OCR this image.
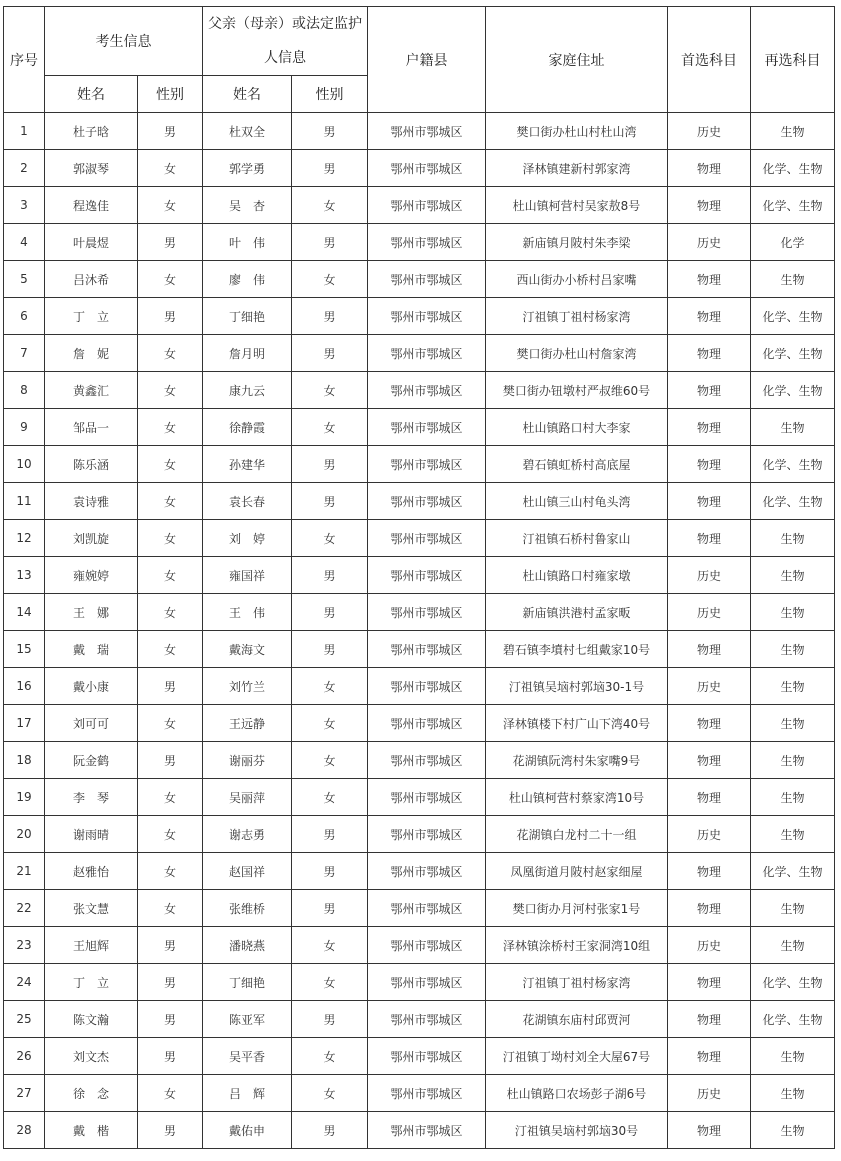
序号	考生信息		父亲（母亲）或法定监护人信息		户籍县	家庭住址	首选科目	再选科目

	姓名	性别	姓名	性别				
1	杜子晗	男	杜双全	男	鄂州市鄂城区	樊口街办杜山村杜山湾	历史	生物
2	郭淑琴	女	郭学勇	男	鄂州市鄂城区	泽林镇建新村郭家湾	物理	化学、生物
3	程逸佳	女	吴　杏	女	鄂州市鄂城区	杜山镇柯营村吴家敖8号	物理	化学、生物
4	叶晨煜	男	叶　伟	男	鄂州市鄂城区	新庙镇月陂村朱李梁	历史	化学
5	吕沐希	女	廖　伟	女	鄂州市鄂城区	西山街办小桥村吕家嘴	物理	生物
6	丁　立	男	丁细艳	男	鄂州市鄂城区	汀祖镇丁祖村杨家湾	物理	化学、生物
7	詹　妮	女	詹月明	男	鄂州市鄂城区	樊口街办杜山村詹家湾	物理	化学、生物
8	黄鑫汇	女	康九云	女	鄂州市鄂城区	樊口街办钮墩村严叔维60号	物理	化学、生物
9	邹品一	女	徐静霞	女	鄂州市鄂城区	杜山镇路口村大李家	物理	生物
10	陈乐涵	女	孙建华	男	鄂州市鄂城区	碧石镇虹桥村高底屋	物理	化学、生物
11	袁诗雅	女	袁长春	男	鄂州市鄂城区	杜山镇三山村龟头湾	物理	化学、生物
12	刘凯旋	女	刘　婷	女	鄂州市鄂城区	汀祖镇石桥村鲁家山	物理	生物
13	雍婉婷	女	雍国祥	男	鄂州市鄂城区	杜山镇路口村雍家墩	历史	生物
14	王　娜	女	王　伟	男	鄂州市鄂城区	新庙镇洪港村孟家畈	历史	生物
15	戴　瑞	女	戴海文	男	鄂州市鄂城区	碧石镇李墳村七组戴家10号	物理	生物
16	戴小康	男	刘竹兰	女	鄂州市鄂城区	汀祖镇吴垴村郭垴30-1号	历史	生物
17	刘可可	女	王远静	女	鄂州市鄂城区	泽林镇楼下村广山下湾40号	物理	生物
18	阮金鹤	男	谢丽芬	女	鄂州市鄂城区	花湖镇阮湾村朱家嘴9号	物理	生物
19	李　琴	女	吴丽萍	女	鄂州市鄂城区	杜山镇柯营村蔡家湾10号	物理	生物
20	谢雨晴	女	谢志勇	男	鄂州市鄂城区	花湖镇白龙村二十一组	历史	生物
21	赵雅怡	女	赵国祥	男	鄂州市鄂城区	凤凰街道月陂村赵家细屋	物理	化学、生物
22	张文慧	女	张维桥	男	鄂州市鄂城区	樊口街办月河村张家1号	物理	生物
23	王旭辉	男	潘晓燕	女	鄂州市鄂城区	泽林镇涂桥村王家洞湾10组	历史	生物
24	丁　立	男	丁细艳	女	鄂州市鄂城区	汀祖镇丁祖村杨家湾	物理	化学、生物
25	陈文瀚	男	陈亚军	男	鄂州市鄂城区	花湖镇东庙村邱贾河	物理	化学、生物
26	刘文杰	男	吴平香	女	鄂州市鄂城区	汀祖镇丁坳村刘全大屋67号	物理	生物
27	徐　念	女	吕　辉	女	鄂州市鄂城区	杜山镇路口农场彭子湖6号	历史	生物
28	戴　楷	男	戴佑申	男	鄂州市鄂城区	汀祖镇吴垴村郭垴30号	物理	生物
